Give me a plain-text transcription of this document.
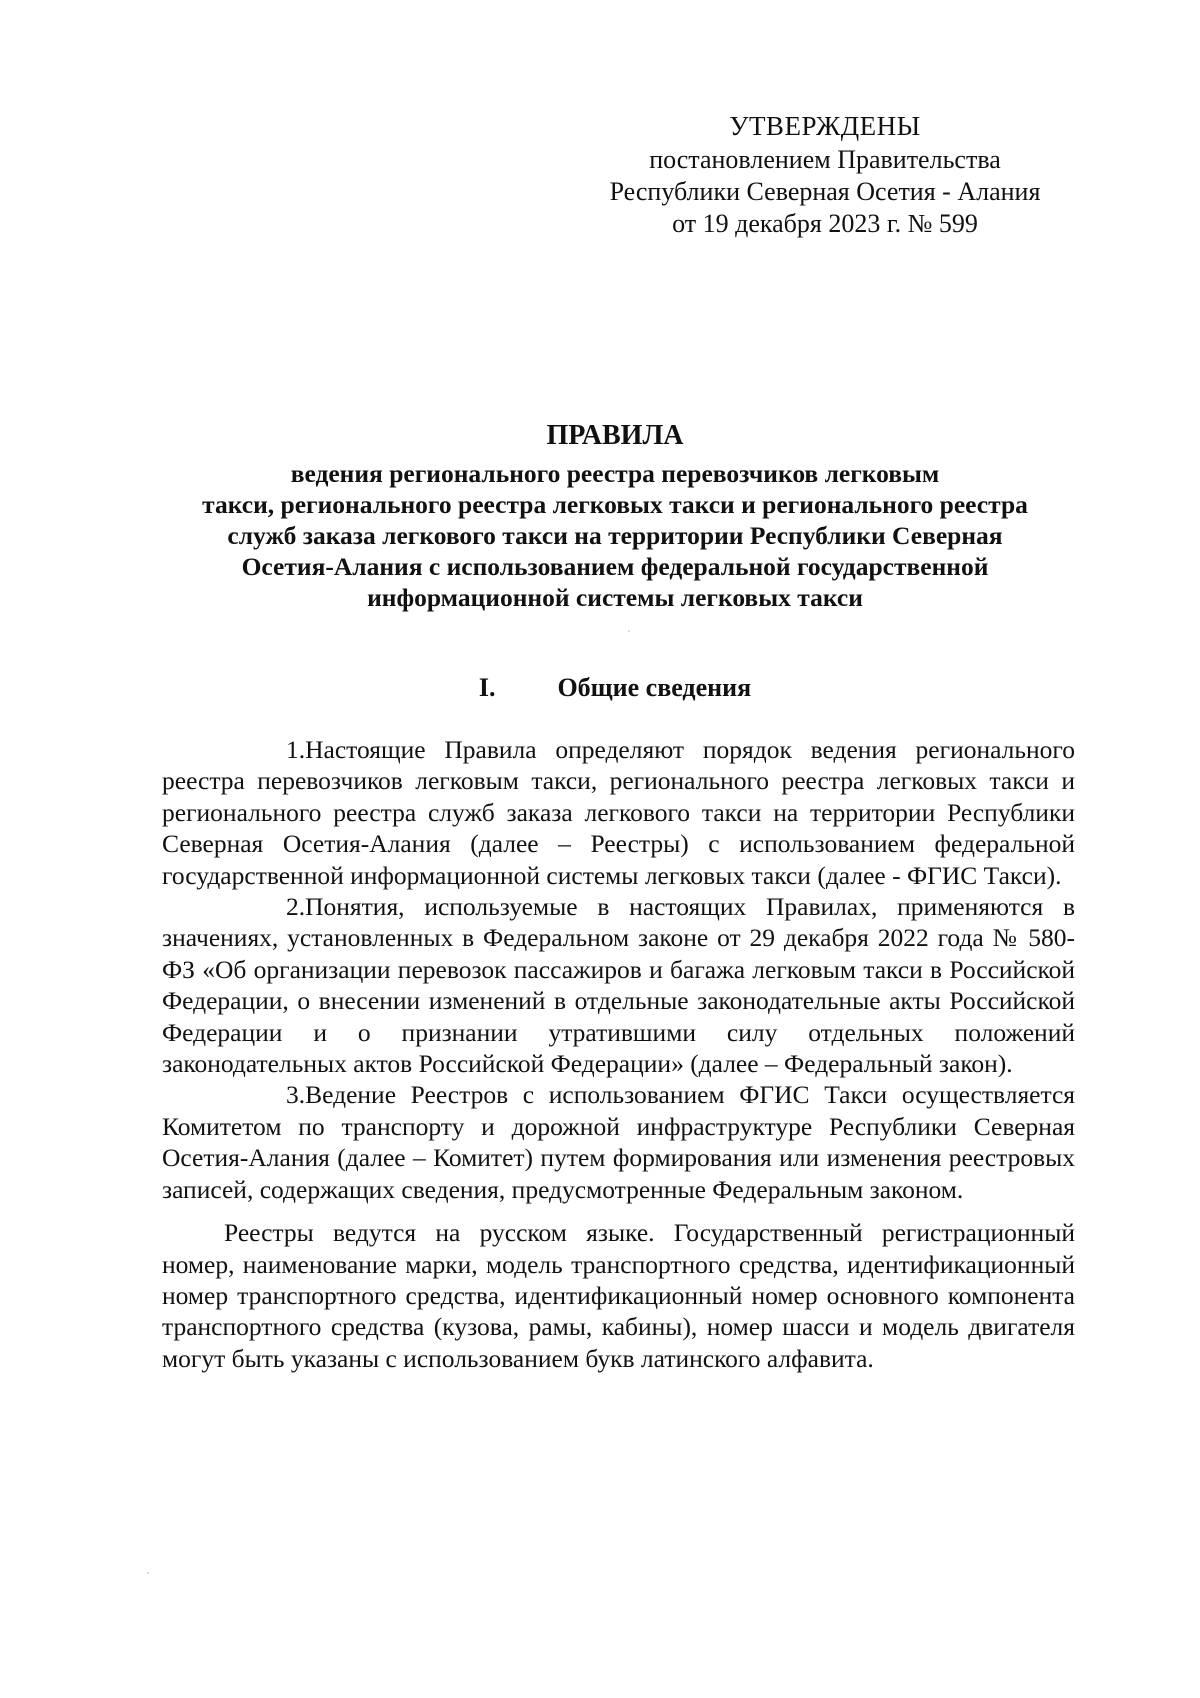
УТВЕРЖДЕНЫ
постановлением Правительства
Республики Северная Осетия - Алания
от 19 декабря 2023 г. № 599
ПРАВИЛА
ведения регионального реестра перевозчиков легковым
такси, регионального реестра легковых такси и регионального реестра
служб заказа легкового такси на территории Республики Северная
Осетия-Алания с использованием федеральной государственной
информационной системы легковых такси
I. Общие сведения

1.Настоящие Правила определяют порядок ведения регионального реестра перевозчиков легковым такси, регионального реестра легковых такси и регионального реестра служб заказа легкового такси на территории Республики Северная Осетия-Алания (далее – Реестры) с использованием федеральной государственной информационной системы легковых такси (далее - ФГИС Такси).

2.Понятия, используемые в настоящих Правилах, применяются в значениях, установленных в Федеральном законе от 29 декабря 2022 года № 580-ФЗ «Об организации перевозок пассажиров и багажа легковым такси в Российской Федерации, о внесении изменений в отдельные законодательные акты Российской Федерации и о признании утратившими силу отдельных положений законодательных актов Российской Федерации» (далее – Федеральный закон).

3.Ведение Реестров с использованием ФГИС Такси осуществляется Комитетом по транспорту и дорожной инфраструктуре Республики Северная Осетия-Алания (далее – Комитет) путем формирования или изменения реестровых записей, содержащих сведения, предусмотренные Федеральным законом.

Реестры ведутся на русском языке. Государственный регистрационный номер, наименование марки, модель транспортного средства, идентификационный номер транспортного средства, идентификационный номер основного компонента транспортного средства (кузова, рамы, кабины), номер шасси и модель двигателя могут быть указаны с использованием букв латинского алфавита.
